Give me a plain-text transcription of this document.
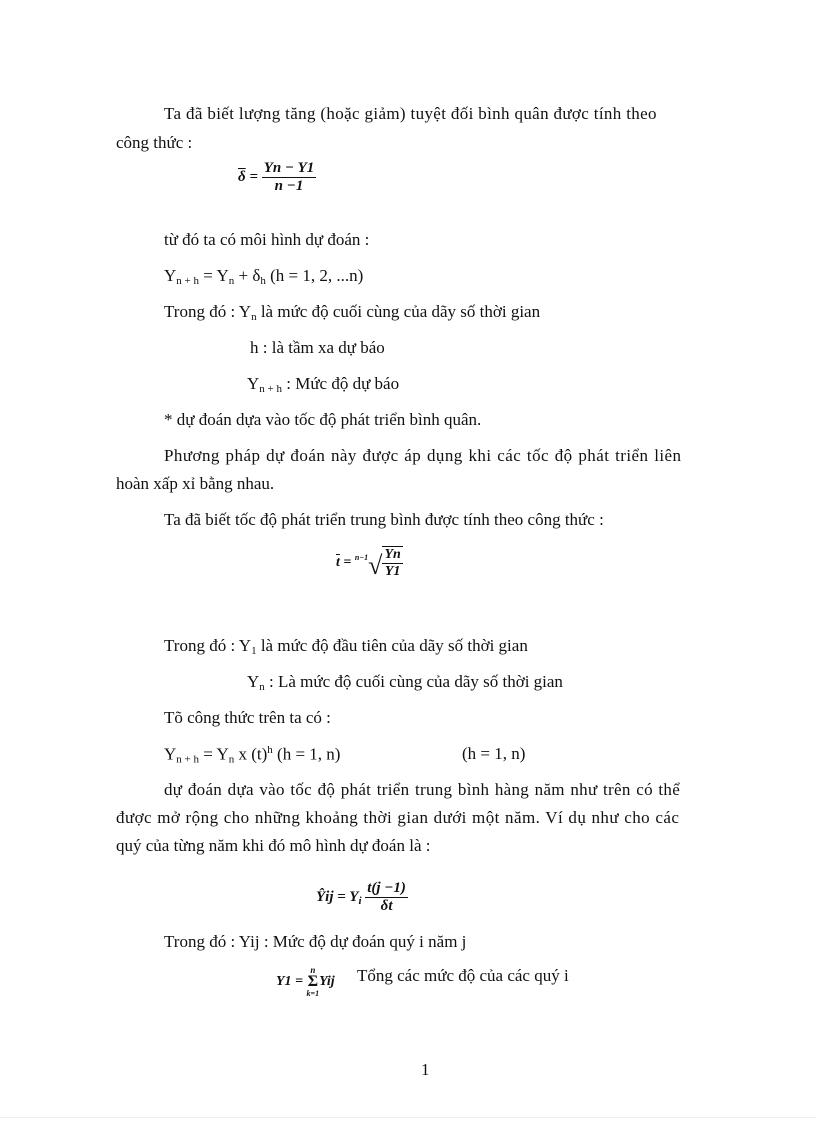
Ta đã biết lượng tăng (hoặc giảm) tuyệt đối bình quân được tính theo
công thức :
$\overline{\delta} = \frac{Yn - Y1}{n -1}$
từ đó ta có môi hình dự đoán :
$Y_{n + h} = Y_n + \delta_h$ (h = 1, 2, ...n)
Trong đó : $Y_n$ là mức độ cuối cùng của dãy số thời gian
h : là tầm xa dự báo
$Y_{n + h}$ : Mức độ dự báo
* dự đoán dựa vào tốc độ phát triển bình quân.
Phương pháp dự đoán này được áp dụng khi các tốc độ phát triển liên
hoàn xấp xỉ bằng nhau.
Ta đã biết tốc độ phát triển trung bình được tính theo công thức :
$\overline{t} = ^{n-1}√ \frac{Yn}{Y1}$
Trong đó : $Y_1$ là mức độ đầu tiên của dãy số thời gian
$Y_n$ : Là mức độ cuối cùng của dãy số thời gian
Tõ công thức trên ta có :
$Y_{n + h} = Y_n$ x $(t)^h$ (h = 1, n)	(h = 1, n)
dự đoán dựa vào tốc độ phát triển trung bình hàng năm như trên có thể
được mở rộng cho những khoảng thời gian dưới một năm. Ví dụ như cho các
quý của từng năm khi đó mô hình dự đoán là :
Ŷij = $Y_i \frac{t(j -1)}{\delta t}$
Trong đó : Yij : Mức độ dự đoán quý i năm j
Y1 =
n
Σ
k=1
Yij Tổng các mức độ của các quý i
1
